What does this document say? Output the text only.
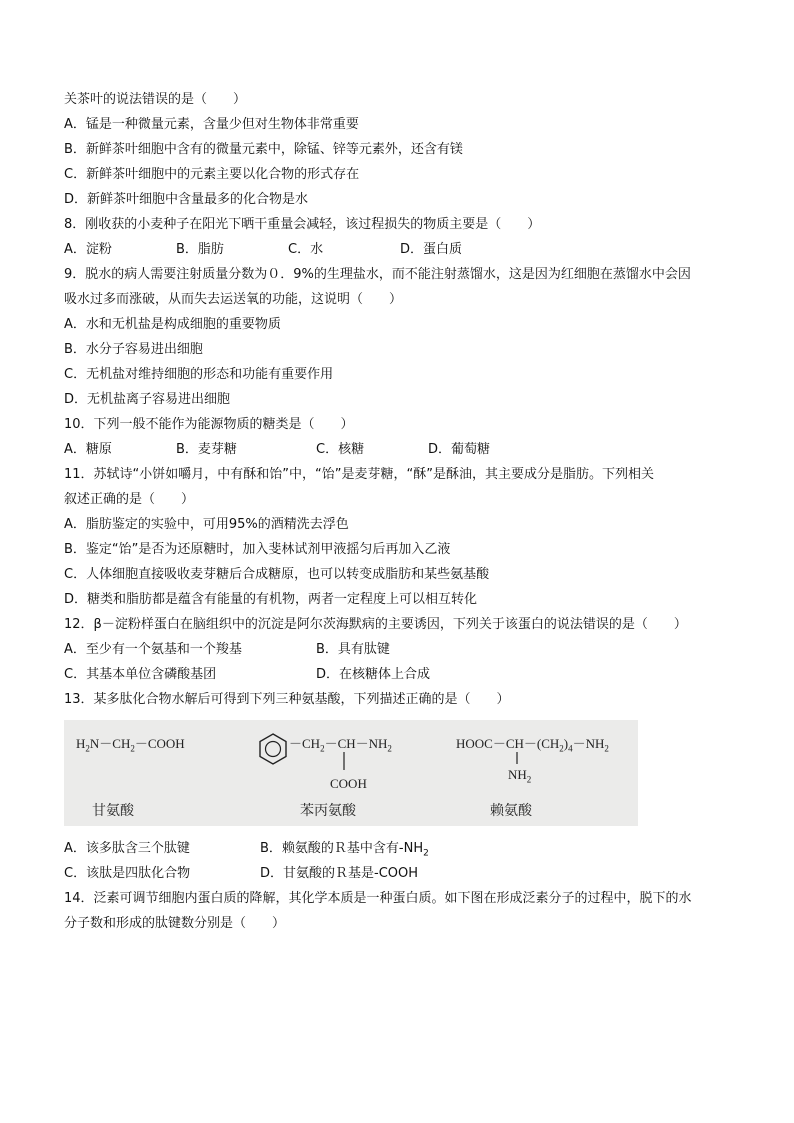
关茶叶的说法错误的是（　　）
A．锰是一种微量元素，含量少但对生物体非常重要
B．新鲜茶叶细胞中含有的微量元素中，除锰、锌等元素外，还含有镁
C．新鲜茶叶细胞中的元素主要以化合物的形式存在
D．新鲜茶叶细胞中含量最多的化合物是水
8．刚收获的小麦种子在阳光下晒干重量会减轻，该过程损失的物质主要是（　　）
A．淀粉	B．脂肪	C．水	D．蛋白质
9．脱水的病人需要注射质量分数为０．9%的生理盐水，而不能注射蒸馏水，这是因为红细胞在蒸馏水中会因
吸水过多而涨破，从而失去运送氧的功能，这说明（　　）
A．水和无机盐是构成细胞的重要物质
B．水分子容易进出细胞
C．无机盐对维持细胞的形态和功能有重要作用
D．无机盐离子容易进出细胞
10．下列一般不能作为能源物质的糖类是（　　）
A．糖原	B．麦芽糖	C．核糖	D．葡萄糖
11．苏轼诗“小饼如嚼月，中有酥和饴”中，“饴”是麦芽糖，“酥”是酥油，其主要成分是脂肪。下列相关
叙述正确的是（　　）
A．脂肪鉴定的实验中，可用95%的酒精洗去浮色
B．鉴定“饴”是否为还原糖时，加入斐林试剂甲液摇匀后再加入乙液
C．人体细胞直接吸收麦芽糖后合成糖原，也可以转变成脂肪和某些氨基酸
D．糖类和脂肪都是蕴含有能量的有机物，两者一定程度上可以相互转化
12．β－淀粉样蛋白在脑组织中的沉淀是阿尔茨海默病的主要诱因，下列关于该蛋白的说法错误的是（　　）
A．至少有一个氨基和一个羧基	B．具有肽键
C．其基本单位含磷酸基团	D．在核糖体上合成
13．某多肽化合物水解后可得到下列三种氨基酸，下列描述正确的是（　　）
$H_2N-CH_2-COOH$	$-CH_2-CH-NH_2$
COOH
$HOOC-CH-(CH_2)_4-NH_2$
$NH_2$
甘氨酸	苯丙氨酸	赖氨酸
A．该多肽含三个肽键	B．赖氨酸的Ｒ基中含有$-NH_2$
C．该肽是四肽化合物	D．甘氨酸的Ｒ基是-COOH
14．泛素可调节细胞内蛋白质的降解，其化学本质是一种蛋白质。如下图在形成泛素分子的过程中，脱下的水
分子数和形成的肽键数分别是（　　）
